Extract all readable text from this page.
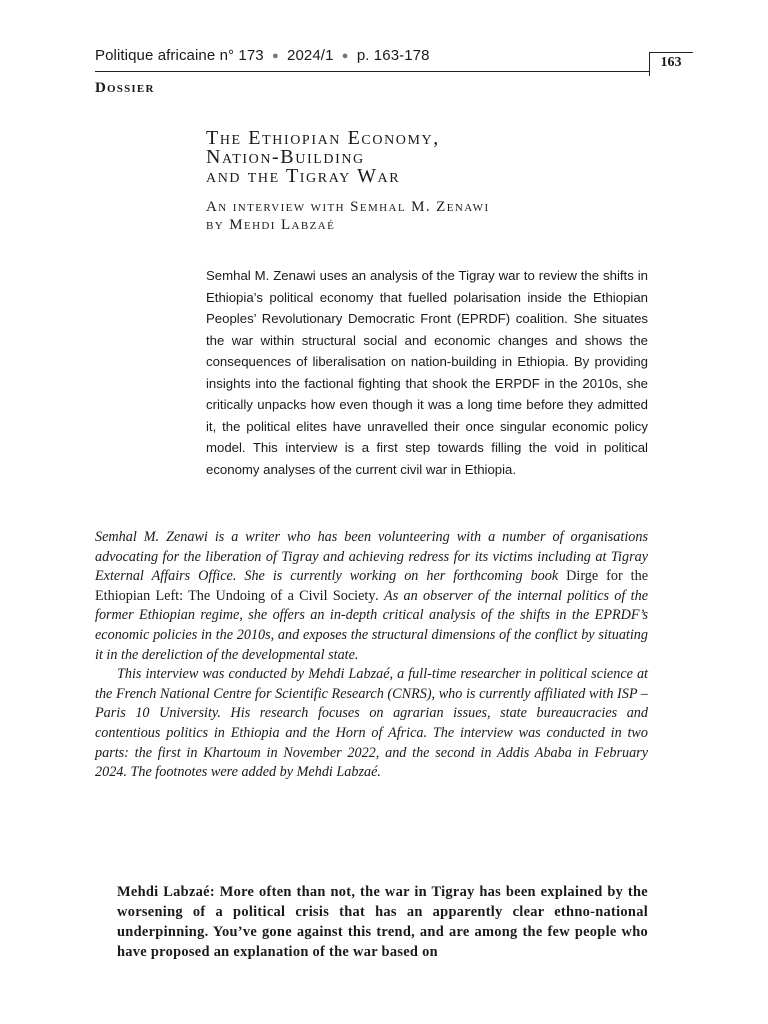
Politique africaine n° 173 ● 2024/1 ● p. 163-178	163
Dossier
The Ethiopian Economy,
Nation-Building
and the Tigray War
An interview with Semhal M. Zenawi
by Mehdi Labzaé

Semhal M. Zenawi uses an analysis of the Tigray war to review the shifts in Ethiopia’s political economy that fuelled polarisation inside the Ethiopian Peoples’ Revolutionary Democratic Front (EPRDF) coalition. She situates the war within structural social and economic changes and shows the consequences of liberalisation on nation-building in Ethiopia. By providing insights into the factional fighting that shook the ERPDF in the 2010s, she critically unpacks how even though it was a long time before they admitted it, the political elites have unravelled their once singular economic policy model. This interview is a first step towards filling the void in political economy analyses of the current civil war in Ethiopia.

Semhal M. Zenawi is a writer who has been volunteering with a number of organisations advocating for the liberation of Tigray and achieving redress for its victims including at Tigray External Affairs Office. She is currently working on her forthcoming book Dirge for the Ethiopian Left: The Undoing of a Civil Society. As an observer of the internal politics of the former Ethiopian regime, she offers an in-depth critical analysis of the shifts in the EPRDF’s economic policies in the 2010s, and exposes the structural dimensions of the conflict by situating it in the dereliction of the developmental state.

This interview was conducted by Mehdi Labzaé, a full-time researcher in political science at the French National Centre for Scientific Research (CNRS), who is currently affiliated with ISP – Paris 10 University. His research focuses on agrarian issues, state bureaucracies and contentious politics in Ethiopia and the Horn of Africa. The interview was conducted in two parts: the first in Khartoum in November 2022, and the second in Addis Ababa in February 2024. The footnotes were added by Mehdi Labzaé.

Mehdi Labzaé: More often than not, the war in Tigray has been explained by the worsening of a political crisis that has an apparently clear ethno-national underpinning. You’ve gone against this trend, and are among the few people who have proposed an explanation of the war based on
